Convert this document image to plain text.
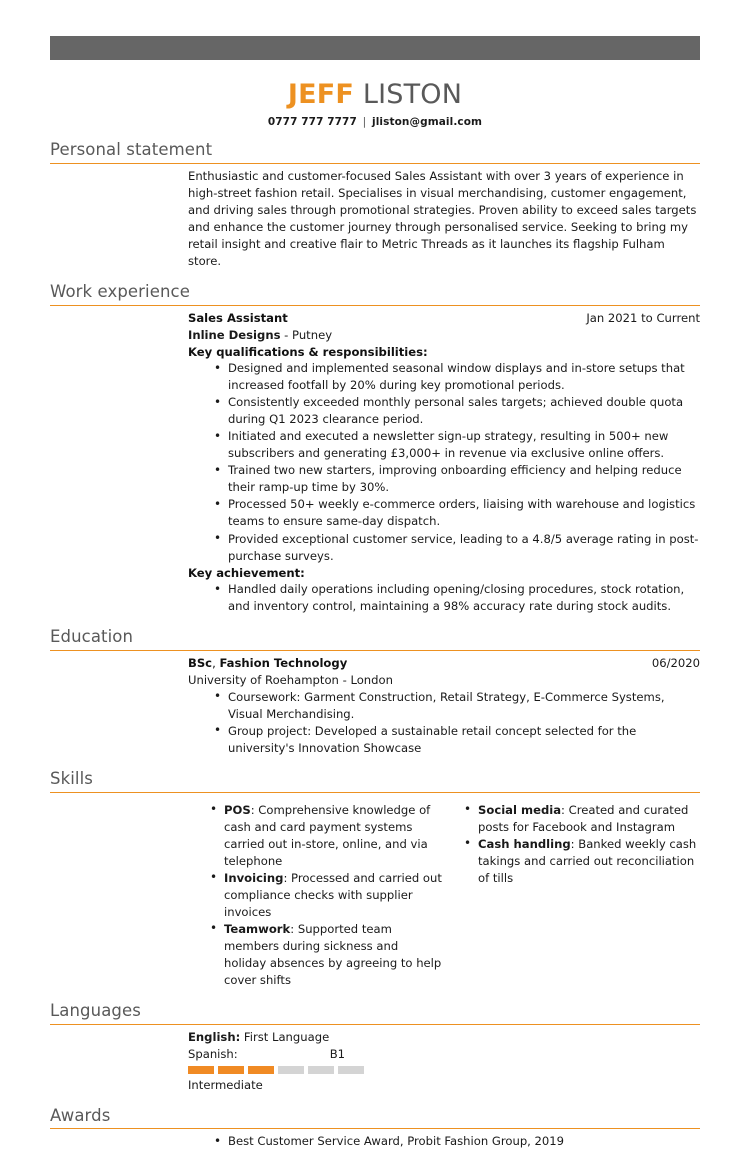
JEFF LISTON
0777 777 7777 | jliston@gmail.com
Personal statement
Enthusiastic and customer-focused Sales Assistant with over 3 years of experience in high-street fashion retail. Specialises in visual merchandising, customer engagement, and driving sales through promotional strategies. Proven ability to exceed sales targets and enhance the customer journey through personalised service. Seeking to bring my retail insight and creative flair to Metric Threads as it launches its flagship Fulham store.
Work experience
Sales Assistant	Jan 2021 to Current
Inline Designs - Putney
Key qualifications & responsibilities:
• Designed and implemented seasonal window displays and in-store setups that increased footfall by 20% during key promotional periods.
• Consistently exceeded monthly personal sales targets; achieved double quota during Q1 2023 clearance period.
• Initiated and executed a newsletter sign-up strategy, resulting in 500+ new subscribers and generating £3,000+ in revenue via exclusive online offers.
• Trained two new starters, improving onboarding efficiency and helping reduce their ramp-up time by 30%.
• Processed 50+ weekly e-commerce orders, liaising with warehouse and logistics teams to ensure same-day dispatch.
• Provided exceptional customer service, leading to a 4.8/5 average rating in post-purchase surveys.
Key achievement:
• Handled daily operations including opening/closing procedures, stock rotation, and inventory control, maintaining a 98% accuracy rate during stock audits.
Education
BSc, Fashion Technology	06/2020
University of Roehampton - London
• Coursework: Garment Construction, Retail Strategy, E-Commerce Systems, Visual Merchandising.
• Group project: Developed a sustainable retail concept selected for the university's Innovation Showcase
Skills
• POS: Comprehensive knowledge of cash and card payment systems carried out in-store, online, and via telephone
• Invoicing: Processed and carried out compliance checks with supplier invoices
• Teamwork: Supported team members during sickness and holiday absences by agreeing to help cover shifts
• Social media: Created and curated posts for Facebook and Instagram
• Cash handling: Banked weekly cash takings and carried out reconciliation of tills
Languages
English: First Language
Spanish:	B1
Intermediate
Awards
• Best Customer Service Award, Probit Fashion Group, 2019
